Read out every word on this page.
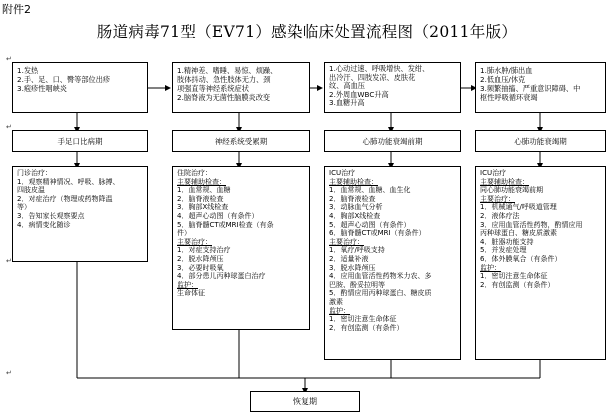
附件2
肠道病毒71型（EV71）感染临床处置流程图（2011年版）
↵
↵
↵
↵
1.发热
2.手、足、口、臀等部位出疹
3.疱疹性咽峡炎
手足口比病期
门诊治疗：
1．观察精神情况、呼吸、脉搏、
四肢皮温
2．对症治疗（物理或药物降温
等）
3．告知家长观察要点
4．病情变化随诊
1.精神差、嗜睡、易惊、烦躁、
肢体抖动、急性肢体无力、颈
项强直等神经系统症状
2.脑脊液为无菌性脑膜炎改变
神经系统受累期
住院治疗：
主要辅助检查：
1．血常规、血糖
2．脑脊液检查
3．胸部X线检查
4．超声心动图（有条件）
5．脑脊髓CT或MRI检查（有条
件）
主要治疗：
1．对症支持治疗
2．脱水降颅压
3．必要时吸氧
4．部分患儿丙种球蛋白治疗
监护：
生命体征
1.心动过速、呼吸增快、发绀、
出冷汗、四肢发凉、皮肤花
纹、高血压
2.外周血WBC升高
3.血糖升高
心肺功能衰竭前期
ICU治疗
主要辅助检查：
1．血常规、血糖、血生化
2．脑脊液检查
3．动脉血气分析
4．胸部X线检查
5．超声心动图（有条件）
6．脑脊髓CT或MRI（有条件）
主要治疗：
1．氧疗/呼吸支持
2．适量补液
3．脱水降颅压
4．应用血管活性药物米力农、多
巴胺、酚妥拉明等
5．酌情应用丙种球蛋白、糖皮质
激素
监护：
1．密切注意生命体征
2．有创监测（有条件）
1.肺水肿/肺出血
2.低血压/休克
3.频繁抽搐、严重意识障碍、中
枢性呼吸循环衰竭
心肺功能衰竭期
ICU治疗
主要辅助检查：
同心肺功能衰竭前期
主要治疗：
1．机械通气/呼吸道管理
2．液体疗法
3．应用血管活性药物，酌情应用
丙种球蛋白、糖皮质激素
4．脏器功能支持
5．并发症处理
6．体外膜氧合（有条件）
监护：
1．密切注意生命体征
2．有创监测（有条件）
恢复期
